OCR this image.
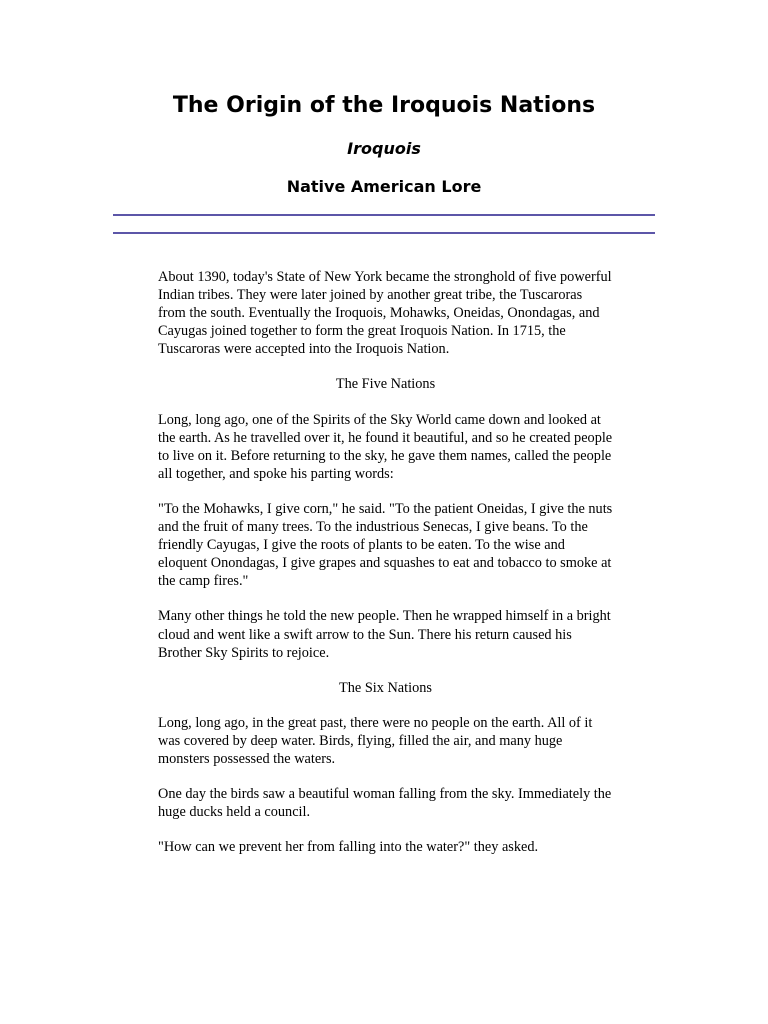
The Origin of the Iroquois Nations
Iroquois
Native American Lore

About 1390, today's State of New York became the stronghold of five powerful Indian tribes. They were later joined by another great tribe, the Tuscaroras from the south. Eventually the Iroquois, Mohawks, Oneidas, Onondagas, and Cayugas joined together to form the great Iroquois Nation. In 1715, the Tuscaroras were accepted into the Iroquois Nation.

The Five Nations

Long, long ago, one of the Spirits of the Sky World came down and looked at the earth. As he travelled over it, he found it beautiful, and so he created people to live on it. Before returning to the sky, he gave them names, called the people all together, and spoke his parting words:

"To the Mohawks, I give corn," he said. "To the patient Oneidas, I give the nuts and the fruit of many trees. To the industrious Senecas, I give beans. To the friendly Cayugas, I give the roots of plants to be eaten. To the wise and eloquent Onondagas, I give grapes and squashes to eat and tobacco to smoke at the camp fires."

Many other things he told the new people. Then he wrapped himself in a bright cloud and went like a swift arrow to the Sun. There his return caused his Brother Sky Spirits to rejoice.

The Six Nations

Long, long ago, in the great past, there were no people on the earth. All of it was covered by deep water. Birds, flying, filled the air, and many huge monsters possessed the waters.

One day the birds saw a beautiful woman falling from the sky. Immediately the huge ducks held a council.

"How can we prevent her from falling into the water?" they asked.
